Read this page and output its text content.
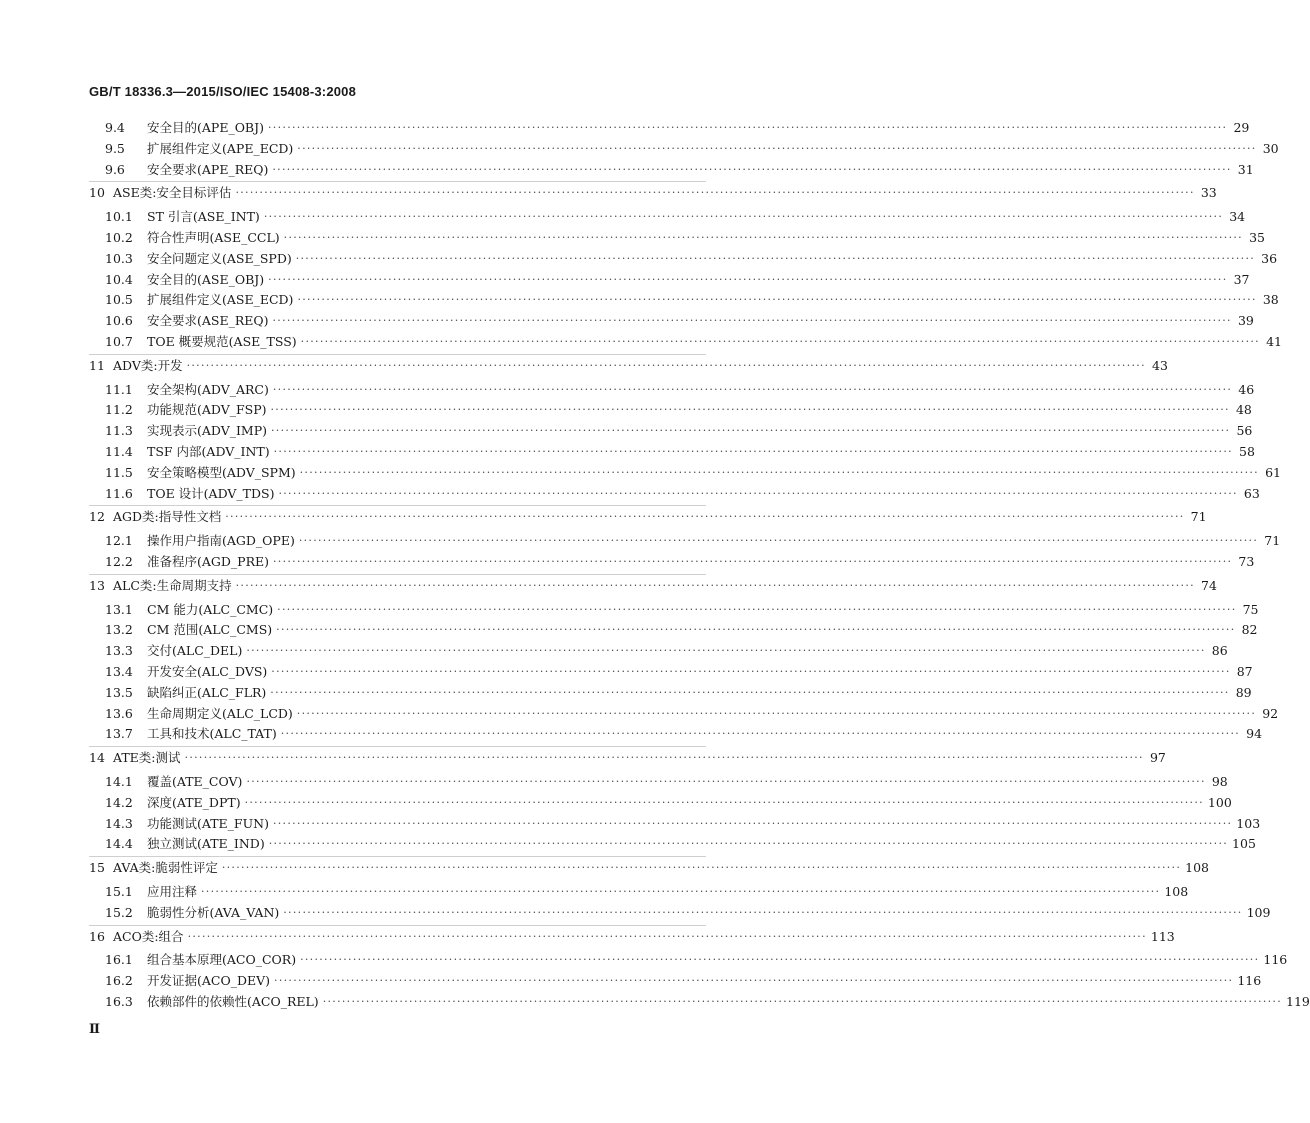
GB/T 18336.3—2015/ISO/IEC 15408-3:2008
9.4	安全目的(APE_OBJ) ········································································································································································································ 29
9.5	扩展组件定义(APE_ECD) ········································································································································································································ 30
9.6	安全要求(APE_REQ) ········································································································································································································ 31
10 ASE类:安全目标评估 ········································································································································································································ 33
10.1	ST 引言(ASE_INT) ········································································································································································································ 34
10.2	符合性声明(ASE_CCL) ········································································································································································································ 35
10.3	安全问题定义(ASE_SPD) ········································································································································································································ 36
10.4	安全目的(ASE_OBJ) ········································································································································································································ 37
10.5	扩展组件定义(ASE_ECD) ········································································································································································································ 38
10.6	安全要求(ASE_REQ) ········································································································································································································ 39
10.7	TOE 概要规范(ASE_TSS) ········································································································································································································ 41
11 ADV类:开发 ········································································································································································································ 43
11.1	安全架构(ADV_ARC) ········································································································································································································ 46
11.2	功能规范(ADV_FSP) ········································································································································································································ 48
11.3	实现表示(ADV_IMP) ········································································································································································································ 56
11.4	TSF 内部(ADV_INT) ········································································································································································································ 58
11.5	安全策略模型(ADV_SPM) ········································································································································································································ 61
11.6	TOE 设计(ADV_TDS) ········································································································································································································ 63
12 AGD类:指导性文档 ········································································································································································································ 71
12.1	操作用户指南(AGD_OPE) ········································································································································································································ 71
12.2	准备程序(AGD_PRE) ········································································································································································································ 73
13 ALC类:生命周期支持 ········································································································································································································ 74
13.1	CM 能力(ALC_CMC) ········································································································································································································ 75
13.2	CM 范围(ALC_CMS) ········································································································································································································ 82
13.3	交付(ALC_DEL) ········································································································································································································ 86
13.4	开发安全(ALC_DVS) ········································································································································································································ 87
13.5	缺陷纠正(ALC_FLR) ········································································································································································································ 89
13.6	生命周期定义(ALC_LCD) ········································································································································································································ 92
13.7	工具和技术(ALC_TAT) ········································································································································································································ 94
14 ATE类:测试 ········································································································································································································ 97
14.1	覆盖(ATE_COV) ········································································································································································································ 98
14.2	深度(ATE_DPT) ········································································································································································································ 100
14.3	功能测试(ATE_FUN) ········································································································································································································ 103
14.4	独立测试(ATE_IND) ········································································································································································································ 105
15 AVA类:脆弱性评定 ········································································································································································································ 108
15.1	应用注释 ········································································································································································································ 108
15.2	脆弱性分析(AVA_VAN) ········································································································································································································ 109
16 ACO类:组合 ········································································································································································································ 113
16.1	组合基本原理(ACO_COR) ········································································································································································································ 116
16.2	开发证据(ACO_DEV) ········································································································································································································ 116
16.3	依赖部件的依赖性(ACO_REL) ········································································································································································································ 119
Ⅱ
